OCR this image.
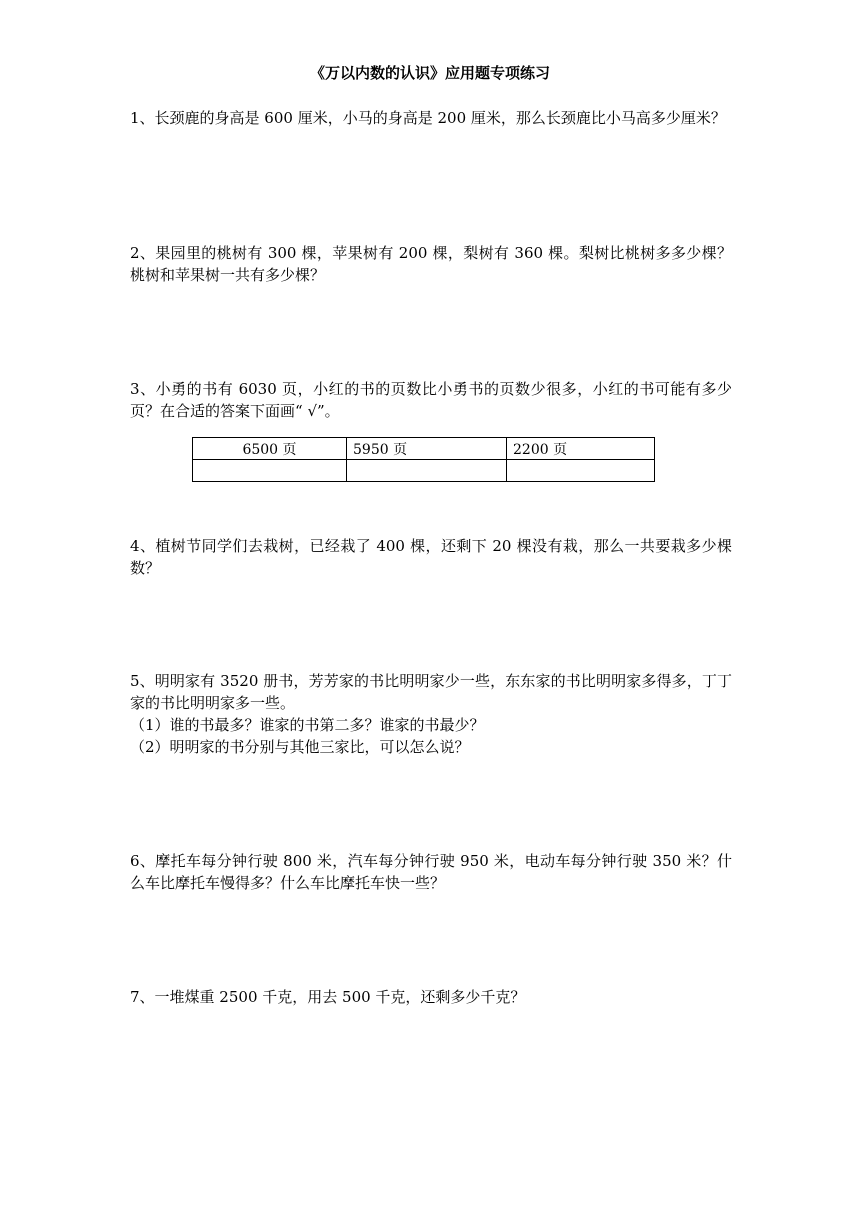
《万以内数的认识》应用题专项练习

1、长颈鹿的身高是 600 厘米，小马的身高是 200 厘米，那么长颈鹿比小马高多少厘米？

2、果园里的桃树有 300 棵，苹果树有 200 棵，梨树有 360 棵。梨树比桃树多多少棵？桃树和苹果树一共有多少棵？

3、小勇的书有 6030 页，小红的书的页数比小勇书的页数少很多，小红的书可能有多少页？在合适的答案下面画“ √”。

6500 页	5950 页	2200 页

4、植树节同学们去栽树，已经栽了 400 棵，还剩下 20 棵没有栽，那么一共要栽多少棵数？

5、明明家有 3520 册书，芳芳家的书比明明家少一些，东东家的书比明明家多得多，丁丁家的书比明明家多一些。

（1）谁的书最多？谁家的书第二多？谁家的书最少？
（2）明明家的书分别与其他三家比，可以怎么说？

6、摩托车每分钟行驶 800 米，汽车每分钟行驶 950 米，电动车每分钟行驶 350 米？什么车比摩托车慢得多？什么车比摩托车快一些？

7、一堆煤重 2500 千克，用去 500 千克，还剩多少千克？
